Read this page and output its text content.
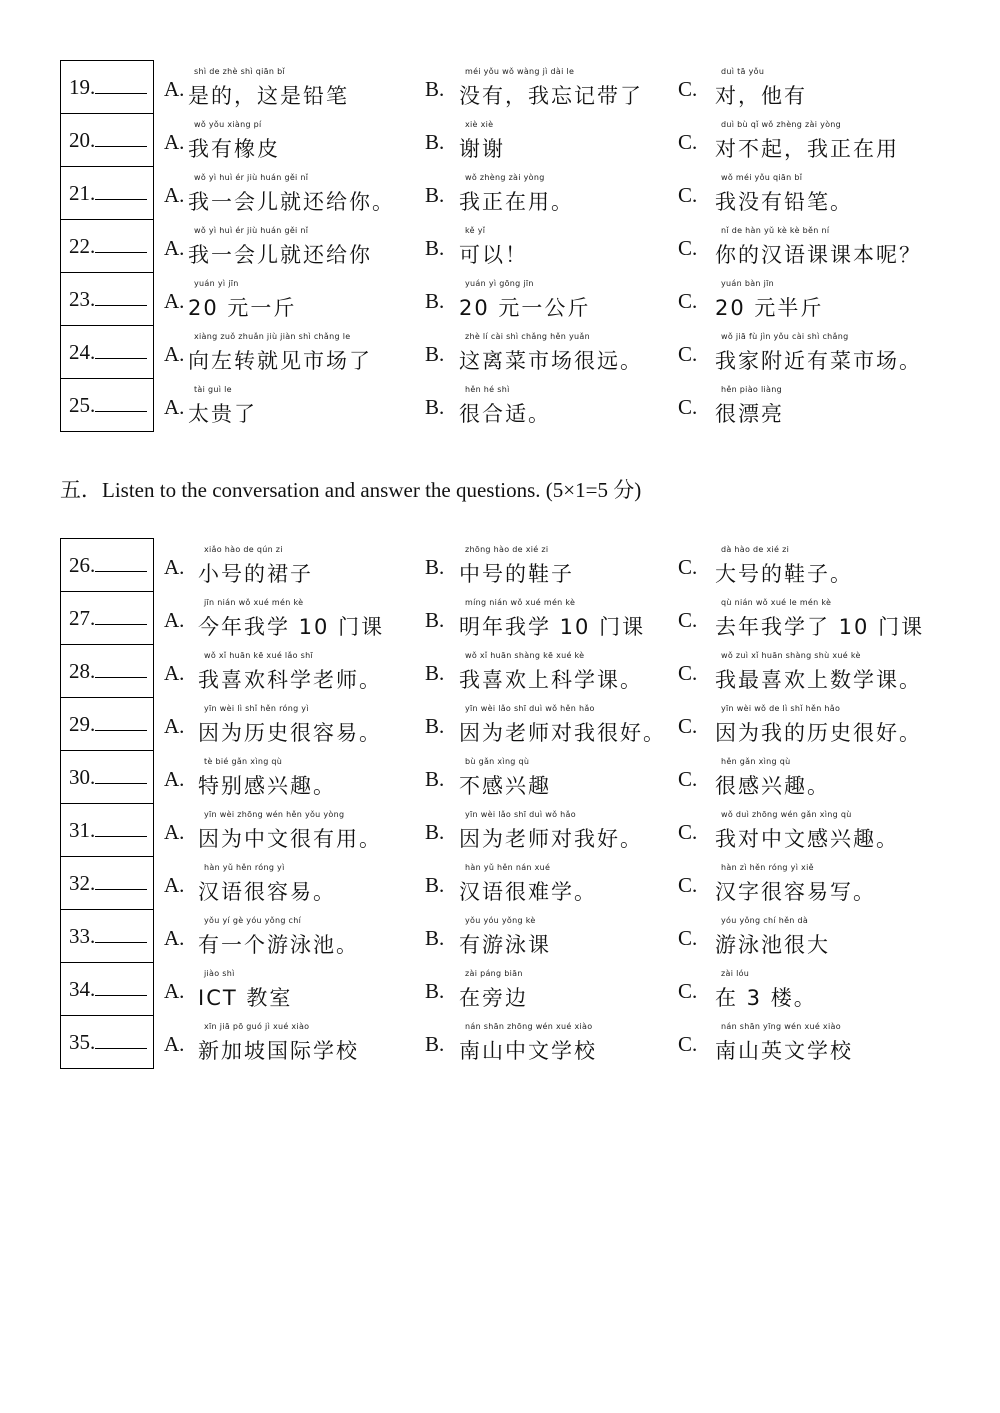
19.	A.
shì de zhè shì qiān bǐ
是的，这是铅笔	B.
méi yǒu wǒ wàng jì dài le
没有，我忘记带了 C.
duì tā yǒu
对，他有
20.	A.
wǒ yǒu xiàng pí
我有橡皮	B.
xiè xiè
谢谢	C.
duì bù qǐ wǒ zhèng zài yòng
对不起，我正在用
21.	A.
wǒ yì huì ér jiù huán gěi nǐ
我一会儿就还给你。 B.
wǒ zhèng zài yòng
我正在用。	C.
wǒ méi yǒu qiān bǐ
我没有铅笔。
22.	A.
wǒ yì huì ér jiù huán gěi nǐ
我一会儿就还给你	B.
kě yǐ
可以！	C.
nǐ de hàn yǔ kè kè běn ní
你的汉语课课本呢？
23.	A.
yuán yì jīn
20 元一斤	B.
yuán yì gōng jīn
20 元一公斤	C.
yuán bàn jīn
20 元半斤
24.	A.
xiàng zuǒ zhuǎn jiù jiàn shì chǎng le
向左转就见市场了	B.
zhè lí cài shì chǎng hěn yuǎn
这离菜市场很远。 C.
wǒ jiā fù jìn yǒu cài shì chǎng
我家附近有菜市场。
25.	A.
tài guì le
太贵了	B.
hěn hé shì
很合适。	C.
hěn piào liàng
很漂亮
五．Listen to the conversation and answer the questions. (5×1=5 分)
26.	A.
xiǎo hào de qún zi
小号的裙子	B.
zhōng hào de xié zi
中号的鞋子	C.
dà hào de xié zi
大号的鞋子。
27.	A.
jīn nián wǒ xué mén kè
今年我学 10 门课 B.
míng nián wǒ xué mén kè
明年我学 10 门课 C.
qù nián wǒ xué le mén kè
去年我学了 10 门课
28.	A.
wǒ xǐ huān kē xué lǎo shī
我喜欢科学老师。 B.
wǒ xǐ huān shàng kē xué kè
我喜欢上科学课。 C.
wǒ zuì xǐ huān shàng shù xué kè
我最喜欢上数学课。
29.	A.
yīn wèi lì shǐ hěn róng yì
因为历史很容易。 B.
yīn wèi lǎo shī duì wǒ hěn hǎo
因为老师对我很好。 C.
yīn wèi wǒ de lì shǐ hěn hǎo
因为我的历史很好。
30.	A.
tè bié gǎn xìng qù
特别感兴趣。	B.
bù gǎn xìng qù
不感兴趣	C.
hěn gǎn xìng qù
很感兴趣。
31.	A.
yīn wèi zhōng wén hěn yǒu yòng
因为中文很有用。 B.
yīn wèi lǎo shī duì wǒ hǎo
因为老师对我好。 C.
wǒ duì zhōng wén gǎn xìng qù
我对中文感兴趣。
32.	A.
hàn yǔ hěn róng yì
汉语很容易。	B.
hàn yǔ hěn nán xué
汉语很难学。	C.
hàn zì hěn róng yì xiě
汉字很容易写。
33.	A.
yǒu yí gè yóu yǒng chí
有一个游泳池。	B.
yǒu yóu yǒng kè
有游泳课	C.
yóu yǒng chí hěn dà
游泳池很大
34.	A.
jiào shì
ICT 教室	B.
zài páng biān
在旁边	C.
zài lóu
在 3 楼。
35.	A.
xīn jiā pō guó jì xué xiào
新加坡国际学校	B.
nán shān zhōng wén xué xiào
南山中文学校	C.
nán shān yīng wén xué xiào
南山英文学校
